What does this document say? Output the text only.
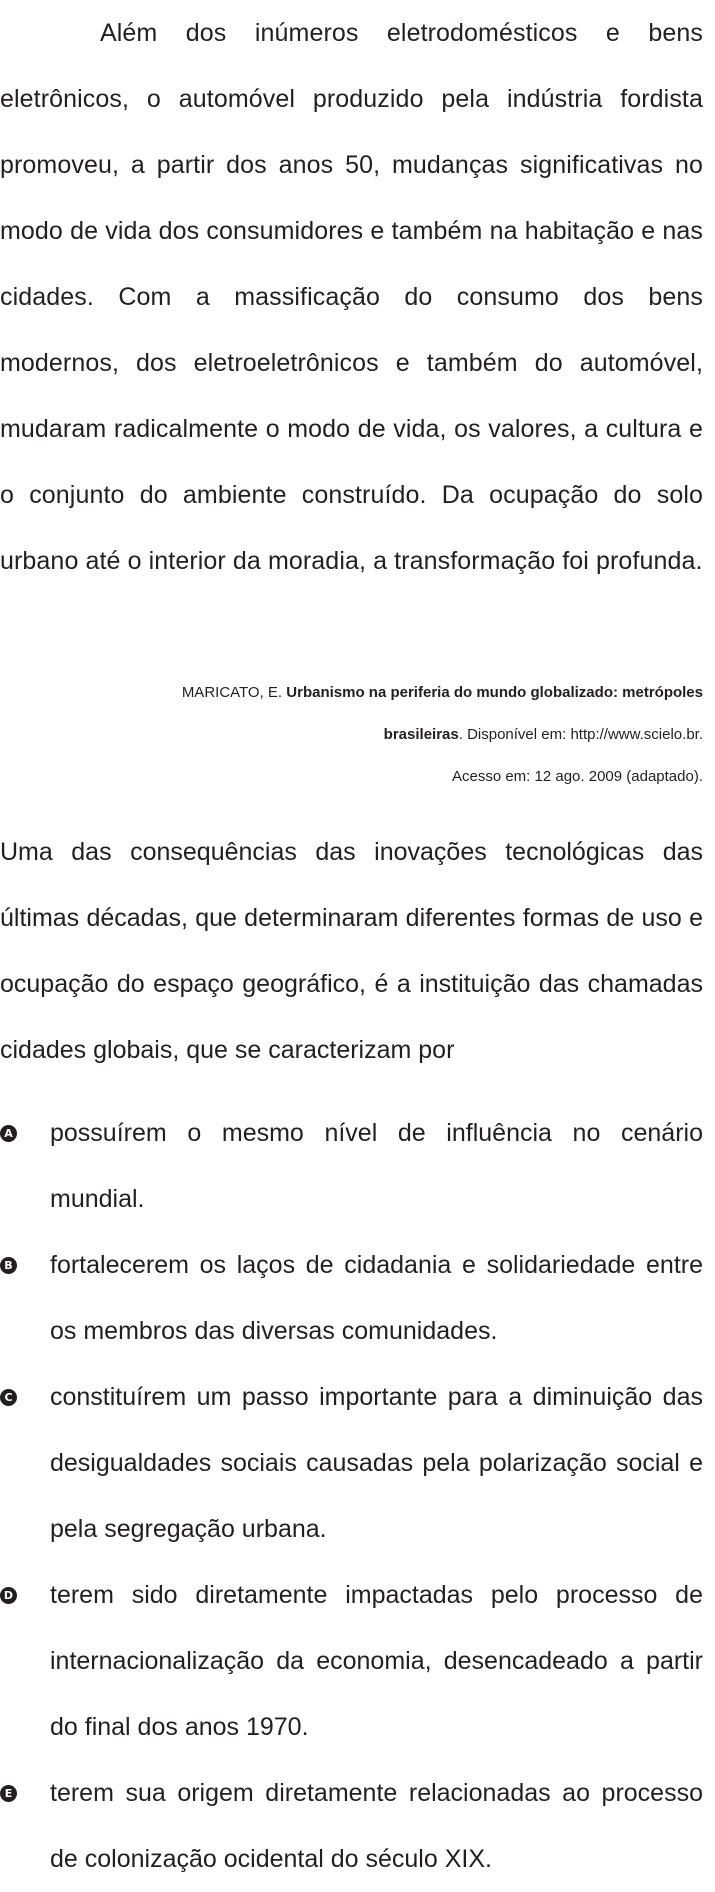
Além dos inúmeros eletrodomésticos e bens eletrônicos, o automóvel produzido pela indústria fordista promoveu, a partir dos anos 50, mudanças significativas no modo de vida dos consumidores e também na habitação e nas cidades. Com a massificação do consumo dos bens modernos, dos eletroeletrônicos e também do automóvel, mudaram radicalmente o modo de vida, os valores, a cultura e o conjunto do ambiente construído. Da ocupação do solo urbano até o interior da moradia, a transformação foi profunda.

MARICATO, E. Urbanismo na periferia do mundo globalizado: metrópoles brasileiras. Disponível em: http://www.scielo.br.
Acesso em: 12 ago. 2009 (adaptado).

Uma das consequências das inovações tecnológicas das últimas décadas, que determinaram diferentes formas de uso e ocupação do espaço geográfico, é a instituição das chamadas cidades globais, que se caracterizam por

A possuírem o mesmo nível de influência no cenário mundial.
B fortalecerem os laços de cidadania e solidariedade entre os membros das diversas comunidades.
C constituírem um passo importante para a diminuição das desigualdades sociais causadas pela polarização social e pela segregação urbana.
D terem sido diretamente impactadas pelo processo de internacionalização da economia, desencadeado a partir do final dos anos 1970.
E terem sua origem diretamente relacionadas ao processo de colonização ocidental do século XIX.
